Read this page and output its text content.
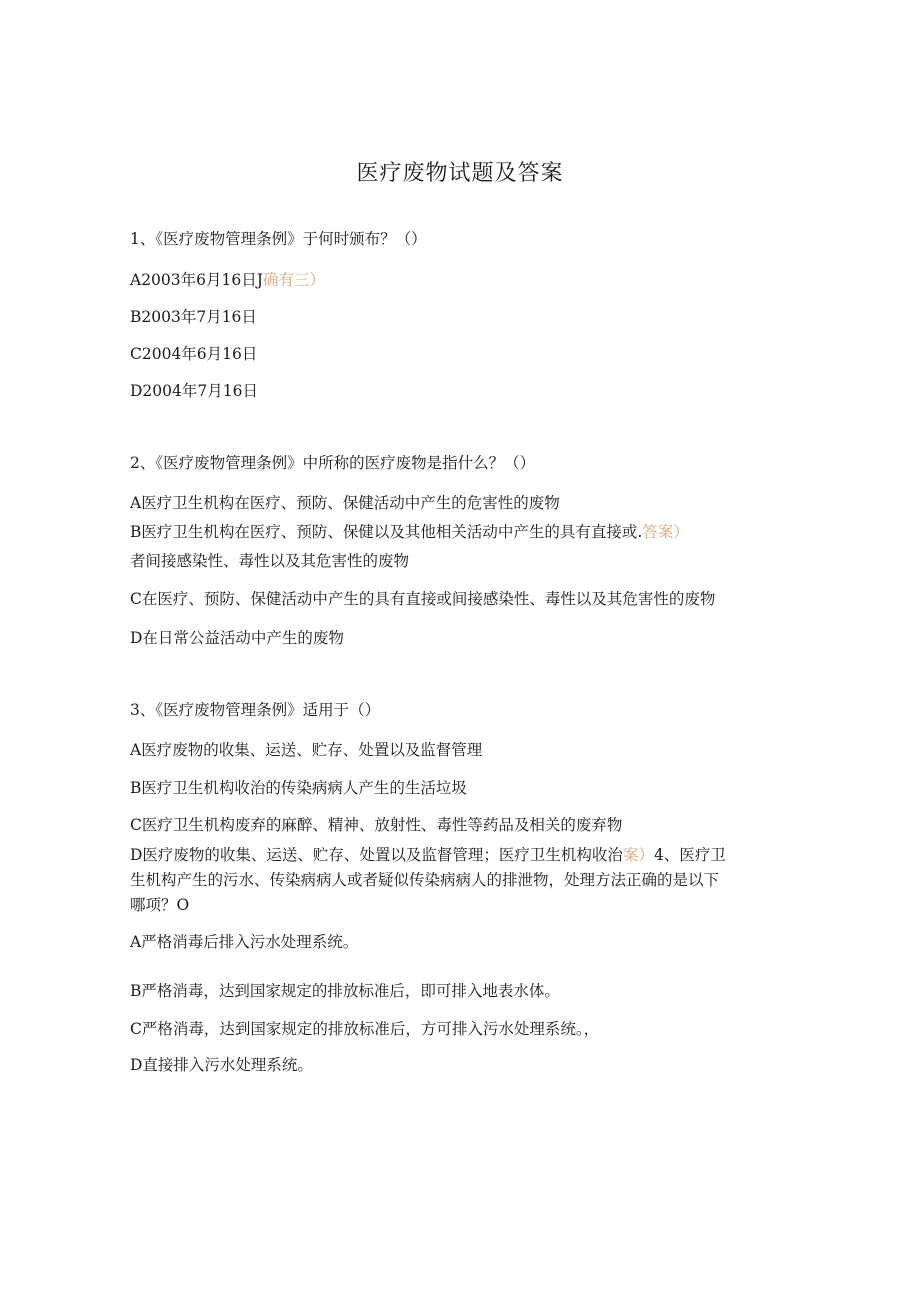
医疗废物试题及答案
1、《医疗废物管理条例》于何时颁布？（）
A2003年6月16日J确有三）
B2003年7月16日
C2004年6月16日
D2004年7月16日
2、《医疗废物管理条例》中所称的医疗废物是指什么？（）
A医疗卫生机构在医疗、预防、保健活动中产生的危害性的废物
B医疗卫生机构在医疗、预防、保健以及其他相关活动中产生的具有直接或.答案）
者间接感染性、毒性以及其危害性的废物
C在医疗、预防、保健活动中产生的具有直接或间接感染性、毒性以及其危害性的废物
D在日常公益活动中产生的废物
3、《医疗废物管理条例》适用于（）
A医疗废物的收集、运送、贮存、处置以及监督管理
B医疗卫生机构收治的传染病病人产生的生活垃圾
C医疗卫生机构废弃的麻醉、精神、放射性、毒性等药品及相关的废弃物
D医疗废物的收集、运送、贮存、处置以及监督管理；医疗卫生机构收治案）4、医疗卫
生机构产生的污水、传染病病人或者疑似传染病病人的排泄物，处理方法正确的是以下
哪项？O
A严格消毒后排入污水处理系统。
B严格消毒，达到国家规定的排放标准后，即可排入地表水体。
C严格消毒，达到国家规定的排放标准后，方可排入污水处理系统。，
D直接排入污水处理系统。
